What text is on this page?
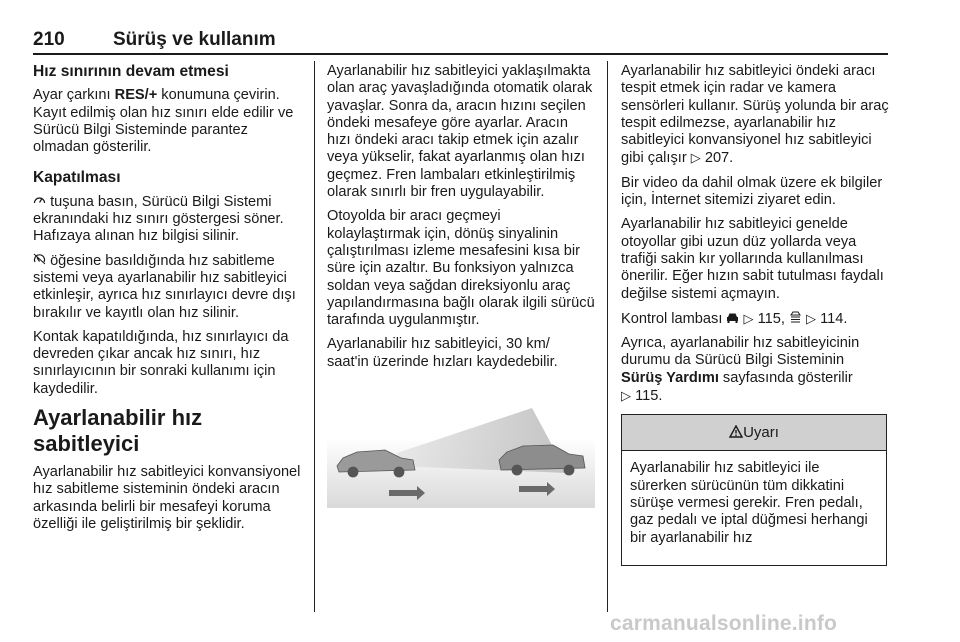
210	Sürüş ve kullanım

Hız sınırının devam etmesi

Ayar çarkını RES/+ konumuna çevirin. Kayıt edilmiş olan hız sınırı elde edilir ve Sürücü Bilgi Sisteminde parantez olmadan gösterilir.

Kapatılması

tuşuna basın, Sürücü Bilgi Sistemi ekranındaki hız sınırı göstergesi söner. Hafızaya alınan hız bilgisi silinir.

öğesine basıldığında hız sabitleme sistemi veya ayarlanabilir hız sabitleyici etkinleşir, ayrıca hız sınırlayıcı devre dışı bırakılır ve kayıtlı olan hız silinir.

Kontak kapatıldığında, hız sınırlayıcı da devreden çıkar ancak hız sınırı, hız sınırlayıcının bir sonraki kullanımı için kaydedilir.

Ayarlanabilir hız sabitleyici

Ayarlanabilir hız sabitleyici konvansiyonel hız sabitleme sisteminin öndeki aracın arkasında belirli bir mesafeyi koruma özelliği ile geliştirilmiş bir şeklidir.

Ayarlanabilir hız sabitleyici yaklaşılmakta olan araç yavaşladığında otomatik olarak yavaşlar. Sonra da, aracın hızını seçilen öndeki mesafeye göre ayarlar. Aracın hızı öndeki aracı takip etmek için azalır veya yükselir, fakat ayarlanmış olan hızı geçmez. Fren lambaları etkinleştirilmiş olarak sınırlı bir fren uygulayabilir.

Otoyolda bir aracı geçmeyi kolaylaştırmak için, dönüş sinyalinin çalıştırılması izleme mesafesini kısa bir süre için azaltır. Bu fonksiyon yalnızca soldan veya sağdan direksiyonlu araç yapılandırmasına bağlı olarak ilgili sürücü tarafında uygulanmıştır.

Ayarlanabilir hız sabitleyici, 30 km/ saat'in üzerinde hızları kaydedebilir.

Ayarlanabilir hız sabitleyici öndeki aracı tespit etmek için radar ve kamera sensörleri kullanır. Sürüş yolunda bir araç tespit edilmezse, ayarlanabilir hız sabitleyici konvansiyonel hız sabitleyici gibi çalışır ▷ 207.

Bir video da dahil olmak üzere ek bilgiler için, İnternet sitemizi ziyaret edin.

Ayarlanabilir hız sabitleyici genelde otoyollar gibi uzun düz yollarda veya trafiği sakin kır yollarında kullanılması önerilir. Eğer hızın sabit tutulması faydalı değilse sistemi açmayın.

Kontrol lambası ▷ 115, ▷ 114.

Ayrıca, ayarlanabilir hız sabitleyicinin durumu da Sürücü Bilgi Sisteminin Sürüş Yardımı sayfasında gösterilir
▷ 115.

Uyarı
Ayarlanabilir hız sabitleyici ile sürerken sürücünün tüm dikkatini sürüşe vermesi gerekir. Fren pedalı, gaz pedalı ve iptal düğmesi herhangi bir ayarlanabilir hız
carmanualsonline.info
